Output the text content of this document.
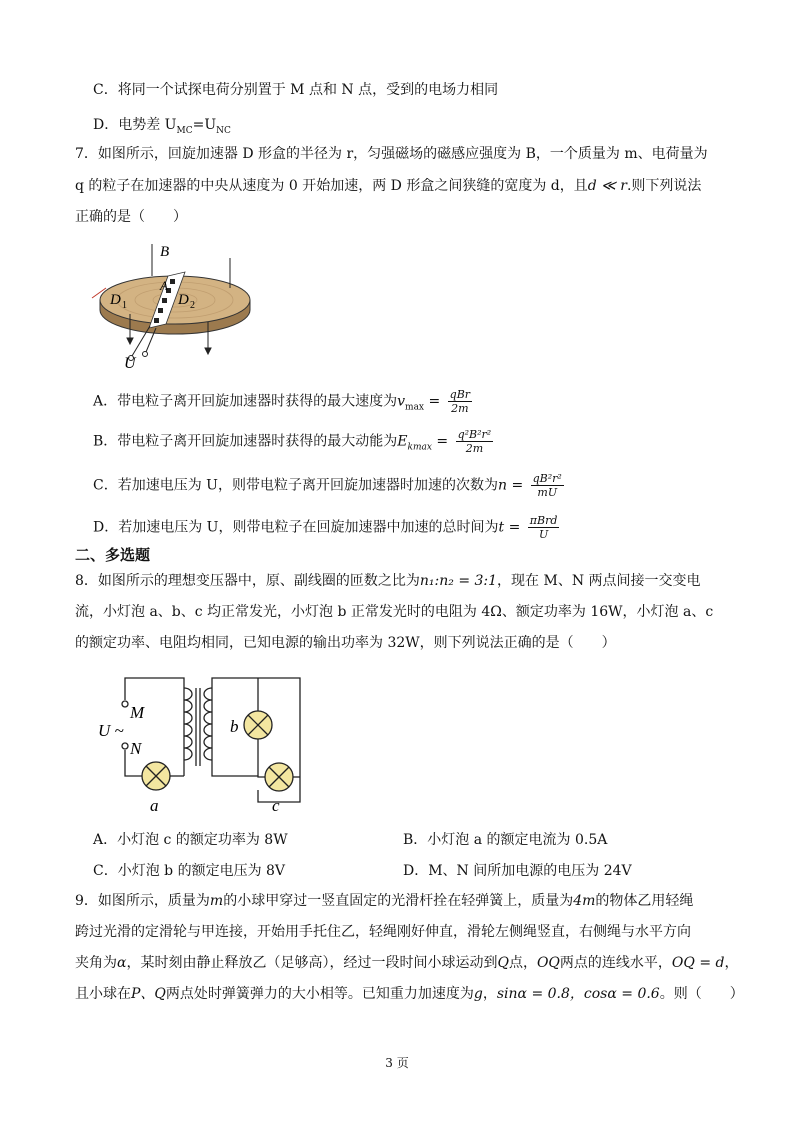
C．将同一个试探电荷分别置于 M 点和 N 点，受到的电场力相同
D．电势差 $U_{MC}=U_{NC}$
7．如图所示，回旋加速器 D 形盒的半径为 r，匀强磁场的磁感应强度为 B，一个质量为 m、电荷量为
q 的粒子在加速器的中央从速度为 0 开始加速，两 D 形盒之间狭缝的宽度为 d，且d ≪ r.则下列说法
正确的是（　　）
B
A
D 1	D 2
U
A．带电粒子离开回旋加速器时获得的最大速度为$v_{max} = \frac{\text{qBr}}{2m}$
B．带电粒子离开回旋加速器时获得的最大动能为$E_{kmax} = \frac{\text{q²B²r²}}{2m}$
C．若加速电压为 U，则带电粒子离开回旋加速器时加速的次数为$n = \frac{\text{qB²r²}}{mU}$
D．若加速电压为 U，则带电粒子在回旋加速器中加速的总时间为$t = \frac{\text{πBrd}}{U}$
二、多选题
8．如图所示的理想变压器中，原、副线圈的匝数之比为n₁:n₂ = 3:1，现在 M、N 两点间接一交变电
流，小灯泡 a、b、c 均正常发光，小灯泡 b 正常发光时的电阻为 4Ω、额定功率为 16W，小灯泡 a、c
的额定功率、电阻均相同，已知电源的输出功率为 32W，则下列说法正确的是（　　）
M
N
U ~
a
b
c
A．小灯泡 c 的额定功率为 8W	B．小灯泡 a 的额定电流为 0.5A
C．小灯泡 b 的额定电压为 8V	D．M、N 间所加电源的电压为 24V
9．如图所示，质量为m的小球甲穿过一竖直固定的光滑杆拴在轻弹簧上，质量为4m的物体乙用轻绳
跨过光滑的定滑轮与甲连接，开始用手托住乙，轻绳刚好伸直，滑轮左侧绳竖直，右侧绳与水平方向
夹角为α，某时刻由静止释放乙（足够高），经过一段时间小球运动到Q点，OQ两点的连线水平，OQ = d，
且小球在P、Q两点处时弹簧弹力的大小相等。已知重力加速度为g，sinα = 0.8，cosα = 0.6。则（　　）
3 页
